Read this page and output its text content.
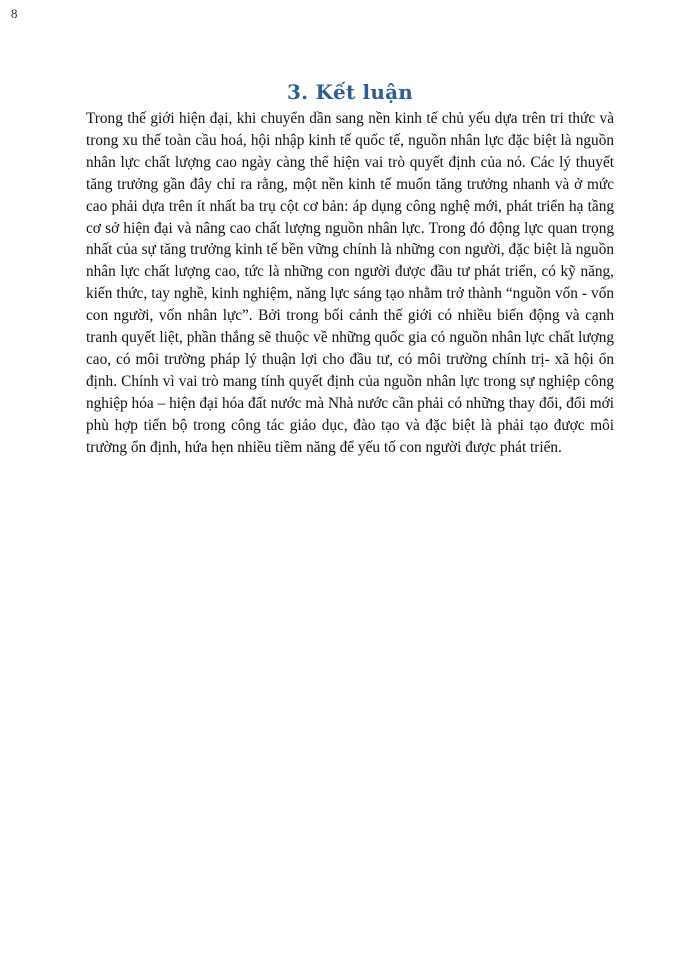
8
3. Kết luận

Trong thế giới hiện đại, khi chuyển dần sang nền kinh tế chủ yếu dựa trên tri thức và trong xu thế toàn cầu hoá, hội nhập kinh tế quốc tế, nguồn nhân lực đặc biệt là nguồn nhân lực chất lượng cao ngày càng thể hiện vai trò quyết định của nó. Các lý thuyết tăng trưởng gần đây chỉ ra rằng, một nền kinh tế muốn tăng trưởng nhanh và ở mức cao phải dựa trên ít nhất ba trụ cột cơ bản: áp dụng công nghệ mới, phát triển hạ tầng cơ sở hiện đại và nâng cao chất lượng nguồn nhân lực. Trong đó động lực quan trọng nhất của sự tăng trưởng kinh tế bền vững chính là những con người, đặc biệt là nguồn nhân lực chất lượng cao, tức là những con người được đầu tư phát triển, có kỹ năng, kiến thức, tay nghề, kinh nghiệm, năng lực sáng tạo nhằm trở thành “nguồn vốn - vốn con người, vốn nhân lực”. Bởi trong bối cảnh thế giới có nhiều biến động và cạnh tranh quyết liệt, phần thắng sẽ thuộc về những quốc gia có nguồn nhân lực chất lượng cao, có môi trường pháp lý thuận lợi cho đầu tư, có môi trường chính trị- xã hội ổn định. Chính vì vai trò mang tính quyết định của nguồn nhân lực trong sự nghiệp công nghiệp hóa – hiện đại hóa đất nước mà Nhà nước cần phải có những thay đổi, đổi mới phù hợp tiến bộ trong công tác giáo dục, đào tạo và đặc biệt là phải tạo được môi trường ổn định, hứa hẹn nhiều tiềm năng để yếu tố con người được phát triển.
